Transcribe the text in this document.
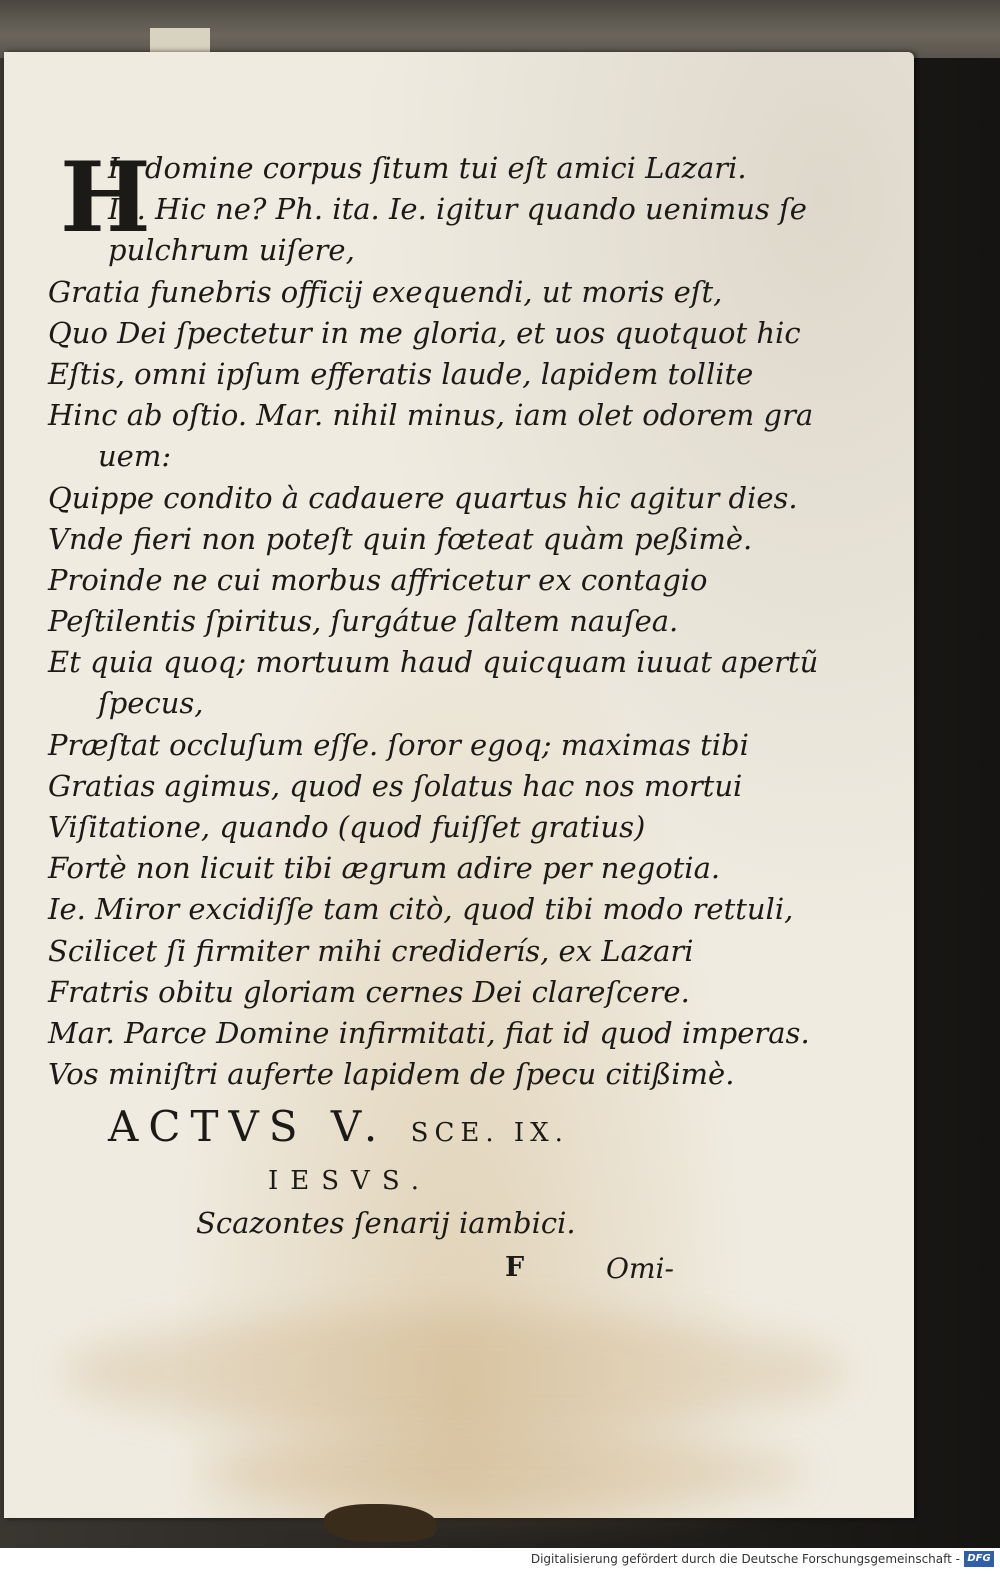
H
Ic domine corpus ſitum tui eſt amici Lazari.
Ie. Hic ne? Ph. ita. Ie. igitur quando uenimus ſe
pulchrum uiſere,
Gratia funebris officij exequendi, ut moris eſt,
Quo Dei ſpectetur in me gloria, et uos quotquot hic
Eſtis, omni ipſum efferatis laude, lapidem tollite
Hinc ab oſtio. Mar. nihil minus, iam olet odorem gra
uem:
Quippe condito à cadauere quartus hic agitur dies.
Vnde fieri non poteſt quin fœteat quàm peßimè.
Proinde ne cui morbus affricetur ex contagio
Peſtilentis ſpiritus, ſurgátue ſaltem nauſea.
Et quia quoq; mortuum haud quicquam iuuat apertũ
ſpecus,
Præſtat occluſum eſſe. ſoror egoq; maximas tibi
Gratias agimus, quod es ſolatus hac nos mortui
Viſitatione, quando (quod fuiſſet gratius)
Fortè non licuit tibi ægrum adire per negotia.
Ie. Miror excidiſſe tam citò, quod tibi modo rettuli,
Scilicet ſi firmiter mihi crediderís, ex Lazari
Fratris obitu gloriam cernes Dei clareſcere.
Mar. Parce Domine infirmitati, fiat id quod imperas.
Vos miniſtri auferte lapidem de ſpecu citißimè.
ACTVS V. SCE. IX.
IESVS.
Scazontes ſenarij iambici.
F	Omi-
Digitalisierung gefördert durch die Deutsche Forschungsgemeinschaft - DFG
